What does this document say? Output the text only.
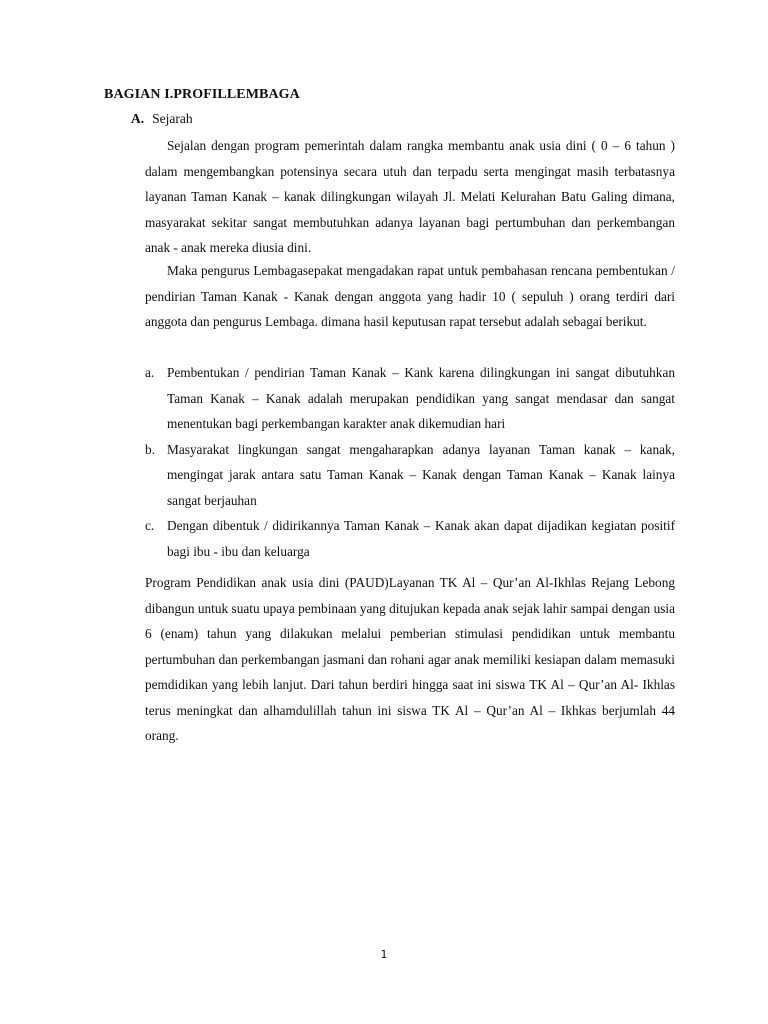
BAGIAN I.PROFILLEMBAGA
A. Sejarah

Sejalan dengan program pemerintah dalam rangka membantu anak usia dini ( 0 – 6 tahun ) dalam mengembangkan potensinya secara utuh dan terpadu serta mengingat masih terbatasnya layanan Taman Kanak – kanak dilingkungan wilayah Jl. Melati Kelurahan Batu Galing dimana, masyarakat sekitar sangat membutuhkan adanya layanan bagi pertumbuhan dan perkembangan anak - anak mereka diusia dini.

Maka pengurus Lembagasepakat mengadakan rapat untuk pembahasan rencana pembentukan / pendirian Taman Kanak - Kanak dengan anggota yang hadir 10 ( sepuluh ) orang terdiri dari anggota dan pengurus Lembaga. dimana hasil keputusan rapat tersebut adalah sebagai berikut.

a. Pembentukan / pendirian Taman Kanak – Kank karena dilingkungan ini sangat dibutuhkan Taman Kanak – Kanak adalah merupakan pendidikan yang sangat mendasar dan sangat menentukan bagi perkembangan karakter anak dikemudian hari
b. Masyarakat lingkungan sangat mengaharapkan adanya layanan Taman kanak – kanak, mengingat jarak antara satu Taman Kanak – Kanak dengan Taman Kanak – Kanak lainya sangat berjauhan
c. Dengan dibentuk / didirikannya Taman Kanak – Kanak akan dapat dijadikan kegiatan positif bagi ibu - ibu dan keluarga

Program Pendidikan anak usia dini (PAUD)Layanan TK Al – Qur’an Al-Ikhlas Rejang Lebong dibangun untuk suatu upaya pembinaan yang ditujukan kepada anak sejak lahir sampai dengan usia 6 (enam) tahun yang dilakukan melalui pemberian stimulasi pendidikan untuk membantu pertumbuhan dan perkembangan jasmani dan rohani agar anak memiliki kesiapan dalam memasuki pemdidikan yang lebih lanjut. Dari tahun berdiri hingga saat ini siswa TK Al – Qur’an Al- Ikhlas terus meningkat dan alhamdulillah tahun ini siswa TK Al – Qur’an Al – Ikhkas berjumlah 44 orang.

1
